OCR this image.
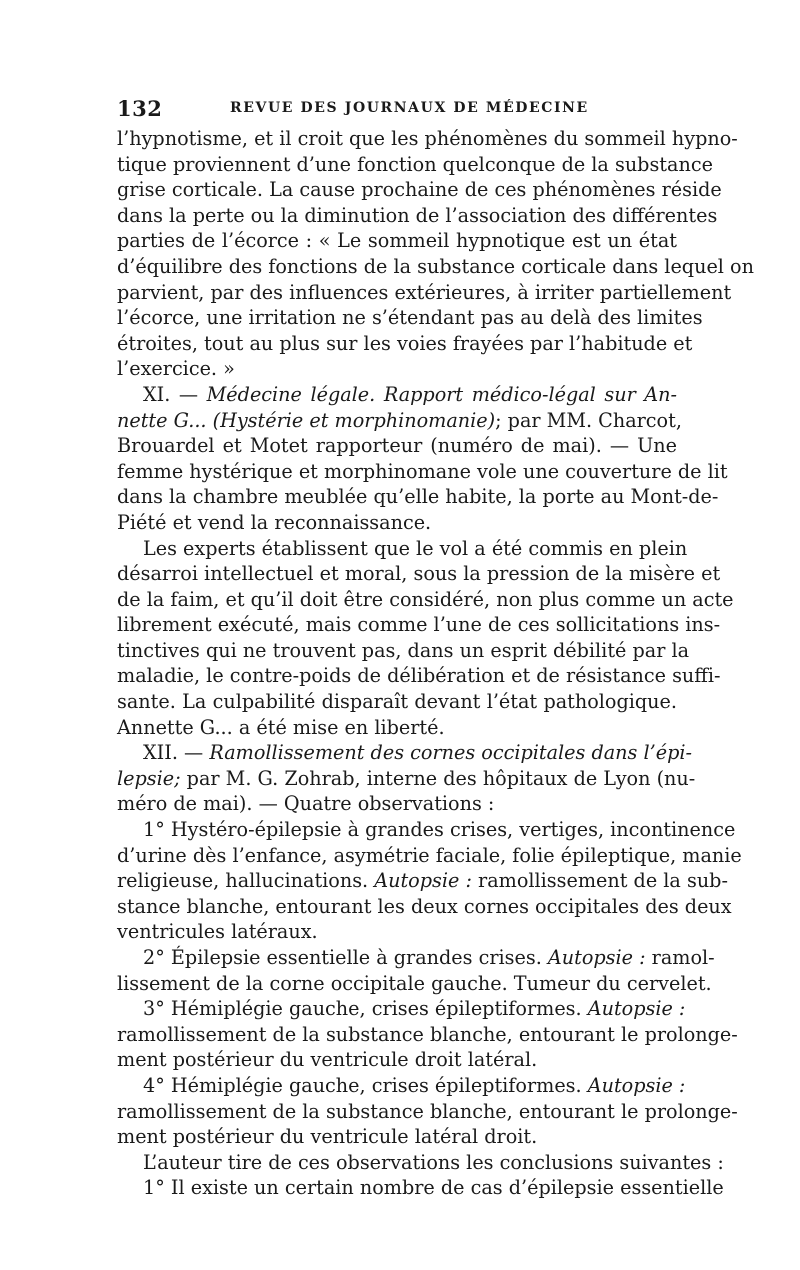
132	REVUE DES JOURNAUX DE MÉDECINE
l’hypnotisme, et il croit que les phénomènes du sommeil hypno-
tique proviennent d’une fonction quelconque de la substance
grise corticale. La cause prochaine de ces phénomènes réside
dans la perte ou la diminution de l’association des différentes
parties de l’écorce : « Le sommeil hypnotique est un état
d’équilibre des fonctions de la substance corticale dans lequel on
parvient, par des influences extérieures, à irriter partiellement
l’écorce, une irritation ne s’étendant pas au delà des limites
étroites, tout au plus sur les voies frayées par l’habitude et
l’exercice. »
XI. — Médecine légale. Rapport médico-légal sur An-
nette G... (Hystérie et morphinomanie); par MM. Charcot,
Brouardel et Motet rapporteur (numéro de mai). — Une
femme hystérique et morphinomane vole une couverture de lit
dans la chambre meublée qu’elle habite, la porte au Mont-de-
Piété et vend la reconnaissance.
Les experts établissent que le vol a été commis en plein
désarroi intellectuel et moral, sous la pression de la misère et
de la faim, et qu’il doit être considéré, non plus comme un acte
librement exécuté, mais comme l’une de ces sollicitations ins-
tinctives qui ne trouvent pas, dans un esprit débilité par la
maladie, le contre-poids de délibération et de résistance suffi-
sante. La culpabilité disparaît devant l’état pathologique.
Annette G... a été mise en liberté.
XII. — Ramollissement des cornes occipitales dans l’épi-
lepsie; par M. G. Zohrab, interne des hôpitaux de Lyon (nu-
méro de mai). — Quatre observations :
1° Hystéro-épilepsie à grandes crises, vertiges, incontinence
d’urine dès l’enfance, asymétrie faciale, folie épileptique, manie
religieuse, hallucinations. Autopsie : ramollissement de la sub-
stance blanche, entourant les deux cornes occipitales des deux
ventricules latéraux.
2° Épilepsie essentielle à grandes crises. Autopsie : ramol-
lissement de la corne occipitale gauche. Tumeur du cervelet.
3° Hémiplégie gauche, crises épileptiformes. Autopsie :
ramollissement de la substance blanche, entourant le prolonge-
ment postérieur du ventricule droit latéral.
4° Hémiplégie gauche, crises épileptiformes. Autopsie :
ramollissement de la substance blanche, entourant le prolonge-
ment postérieur du ventricule latéral droit.
L’auteur tire de ces observations les conclusions suivantes :
1° Il existe un certain nombre de cas d’épilepsie essentielle
